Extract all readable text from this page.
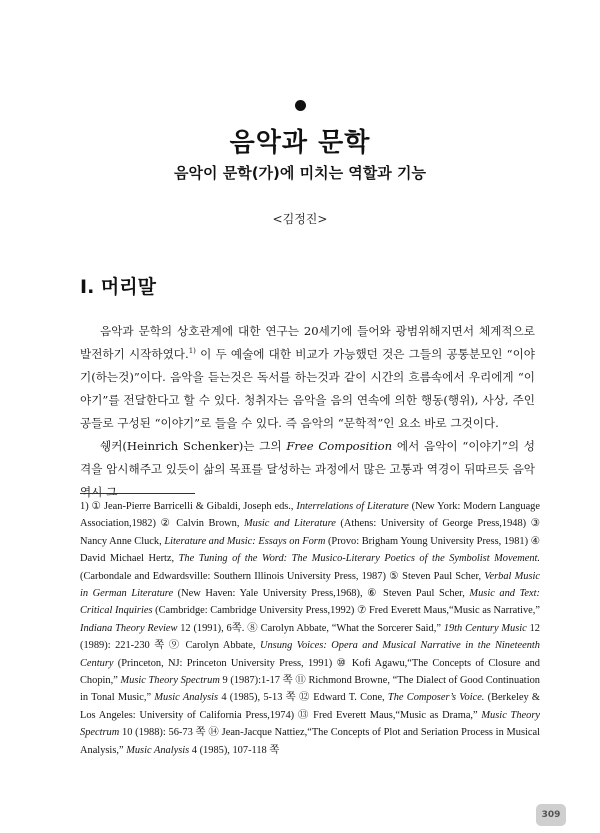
음악과 문학
음악이 문학(가)에 미치는 역할과 기능
<김정진>
I. 머리말

음악과 문학의 상호관계에 대한 연구는 20세기에 들어와 광범위해지면서 체계적으로 발전하기 시작하였다.$^{1)}$ 이 두 예술에 대한 비교가 가능했던 것은 그들의 공통분모인 “이야기(하는것)”이다. 음악을 듣는것은 독서를 하는것과 같이 시간의 흐름속에서 우리에게 “이야기”를 전달한다고 할 수 있다. 청취자는 음악을 음의 연속에 의한 행동(행위), 사상, 주인공들로 구성된 “이야기”로 들을 수 있다. 즉 음악의 “문학적”인 요소 바로 그것이다.

쉥커(Heinrich Schenker)는 그의 Free Composition 에서 음악이 “이야기”의 성격을 암시해주고 있듯이 삶의 목표를 달성하는 과정에서 많은 고통과 역경이 뒤따르듯 음악 역시 그

1) ① Jean-Pierre Barricelli & Gibaldi, Joseph eds., Interrelations of Literature (New York: Modern Language Association,1982) ② Calvin Brown, Music and Literature (Athens: University of George Press,1948) ③ Nancy Anne Cluck, Literature and Music: Essays on Form (Provo: Brigham Young University Press, 1981) ④ David Michael Hertz, The Tuning of the Word: The Musico-Literary Poetics of the Symbolist Movement. (Carbondale and Edwardsville: Southern Illinois University Press, 1987) ⑤ Steven Paul Scher, Verbal Music in German Literature (New Haven: Yale University Press,1968), ⑥ Steven Paul Scher, Music and Text: Critical Inquiries (Cambridge: Cambridge University Press,1992) ⑦ Fred Everett Maus,“Music as Narrative,” Indiana Theory Review 12 (1991), 6쪽. ⑧ Carolyn Abbate, “What the Sorcerer Said,” 19th Century Music 12 (1989): 221-230 쪽 ⑨ Carolyn Abbate, Unsung Voices: Opera and Musical Narrative in the Nineteenth Century (Princeton, NJ: Princeton University Press, 1991) ⑩ Kofi Agawu,“The Concepts of Closure and Chopin,” Music Theory Spectrum 9 (1987):1-17 쪽 ⑪ Richmond Browne, “The Dialect of Good Continuation in Tonal Music,” Music Analysis 4 (1985), 5-13 쪽 ⑫ Edward T. Cone, The Composer’s Voice. (Berkeley & Los Angeles: University of California Press,1974) ⑬ Fred Everett Maus,“Music as Drama,” Music Theory Spectrum 10 (1988): 56-73 쪽 ⑭ Jean-Jacque Nattiez,“The Concepts of Plot and Seriation Process in Musical Analysis,” Music Analysis 4 (1985), 107-118 쪽
309
